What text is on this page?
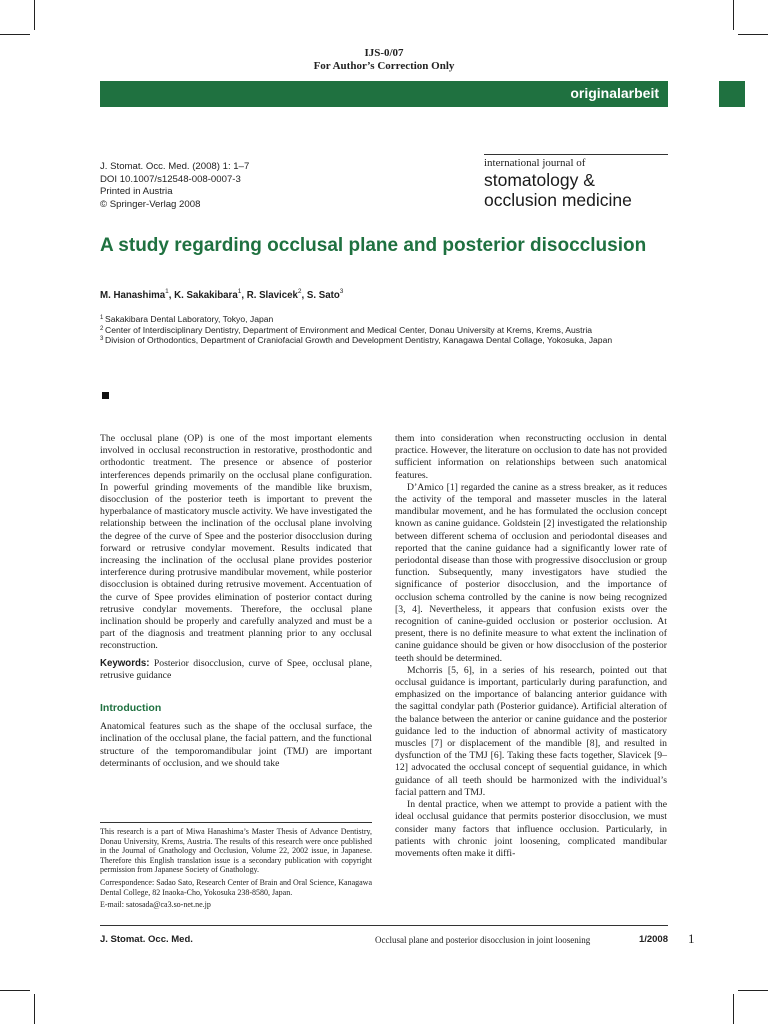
IJS-0/07
For Author’s Correction Only
originalarbeit
J. Stomat. Occ. Med. (2008) 1: 1–7
DOI 10.1007/s12548-008-0007-3
Printed in Austria
© Springer-Verlag 2008
international journal of
stomatology &
occlusion medicine
A study regarding occlusal plane and posterior disocclusion
M. Hanashima$^1$, K. Sakakibara$^1$, R. Slavicek$^2$, S. Sato$^3$
1 Sakakibara Dental Laboratory, Tokyo, Japan
2 Center of Interdisciplinary Dentistry, Department of Environment and Medical Center, Donau University at Krems, Krems, Austria
3 Division of Orthodontics, Department of Craniofacial Growth and Development Dentistry, Kanagawa Dental Collage, Yokosuka, Japan

The occlusal plane (OP) is one of the most important elements involved in occlusal reconstruction in restorative, prosthodontic and orthodontic treatment. The presence or absence of posterior interferences depends primarily on the occlusal plane configuration. In powerful grinding movements of the mandible like bruxism, disocclusion of the posterior teeth is important to prevent the hyperbalance of masticatory muscle activity. We have investigated the relationship between the inclination of the occlusal plane involving the degree of the curve of Spee and the posterior disocclusion during forward or retrusive condylar movement. Results indicated that increasing the inclination of the occlusal plane provides posterior interference during protrusive mandibular movement, while posterior disocclusion is obtained during retrusive movement. Accentuation of the curve of Spee provides elimination of posterior contact during retrusive condylar movements. Therefore, the occlusal plane inclination should be properly and carefully analyzed and must be a part of the diagnosis and treatment planning prior to any occlusal reconstruction.

Keywords: Posterior disocclusion, curve of Spee, occlusal plane, retrusive guidance

Introduction

Anatomical features such as the shape of the occlusal surface, the inclination of the occlusal plane, the facial pattern, and the functional structure of the temporomandibular joint (TMJ) are important determinants of occlusion, and we should take

them into consideration when reconstructing occlusion in dental practice. However, the literature on occlusion to date has not provided sufficient information on relationships between such anatomical features.

D’Amico [1] regarded the canine as a stress breaker, as it reduces the activity of the temporal and masseter muscles in the lateral mandibular movement, and he has formulated the occlusion concept known as canine guidance. Goldstein [2] investigated the relationship between different schema of occlusion and periodontal diseases and reported that the canine guidance had a significantly lower rate of periodontal disease than those with progressive disocclusion or group function. Subsequently, many investigators have studied the significance of posterior disocclusion, and the importance of occlusion schema controlled by the canine is now being recognized [3, 4]. Nevertheless, it appears that confusion exists over the recognition of canine-guided occlusion or posterior occlusion. At present, there is no definite measure to what extent the inclination of canine guidance should be given or how disocclusion of the posterior teeth should be determined.

Mchorris [5, 6], in a series of his research, pointed out that occlusal guidance is important, particularly during parafunction, and emphasized on the importance of balancing anterior guidance with the sagittal condylar path (Posterior guidance). Artificial alteration of the balance between the anterior or canine guidance and the posterior guidance led to the induction of abnormal activity of masticatory muscles [7] or displacement of the mandible [8], and resulted in dysfunction of the TMJ [6]. Taking these facts together, Slavicek [9–12] advocated the occlusal concept of sequential guidance, in which guidance of all teeth should be harmonized with the individual’s facial pattern and TMJ.

In dental practice, when we attempt to provide a patient with the ideal occlusal guidance that permits posterior disocclusion, we must consider many factors that influence occlusion. Particularly, in patients with chronic joint loosening, complicated mandibular movements often make it diffi-

This research is a part of Miwa Hanashima’s Master Thesis of Advance Dentistry, Donau University, Krems, Austria. The results of this research were once published in the Journal of Gnathology and Occlusion, Volume 22, 2002 issue, in Japanese. Therefore this English translation issue is a secondary publication with copyright permission from Japanese Society of Gnathology.

Correspondence: Sadao Sato, Research Center of Brain and Oral Science, Kanagawa Dental College, 82 Inaoka-Cho, Yokosuka 238-8580, Japan.

E-mail: satosada@ca3.so-net.ne.jp

J. Stomat. Occ. Med.	Occlusal plane and posterior disocclusion in joint loosening	1/2008 1
